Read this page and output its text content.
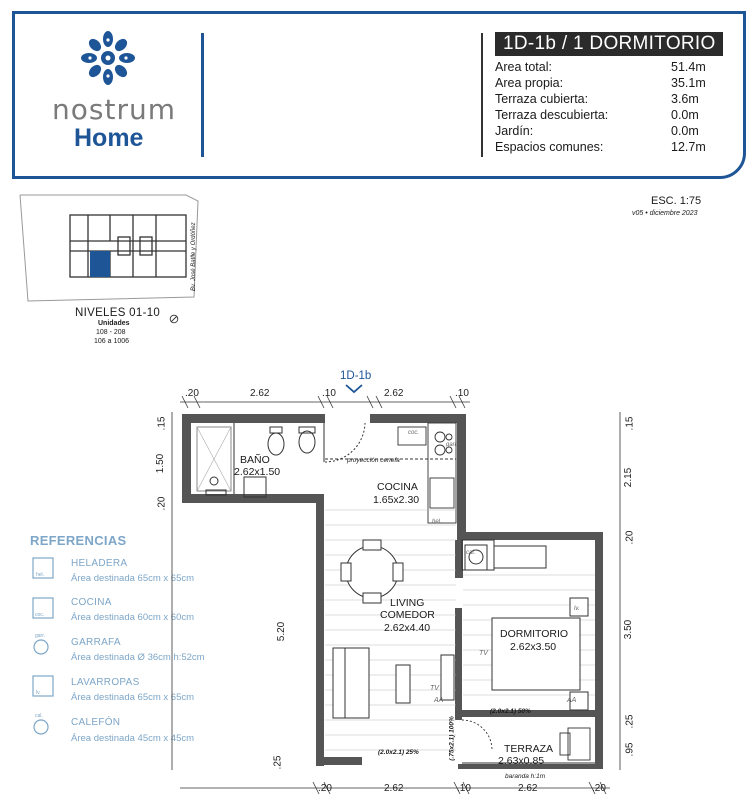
nostrum
Home
1D-1b / 1 DORMITORIO
Area total:	51.4m
Area propia:	35.1m
Terraza cubierta:	3.6m
Terraza descubierta:	0.0m
Jardín:	0.0m
Espacios comunes:	12.7m
ESC. 1:75
v05 • diciembre 2023
Bv. José Batlle y Ordóñez
NIVELES 01-10
Unidades
108 - 208
106 a 1006
REFERENCIAS
hel.
HELADERA
Área destinada 65cm x 65cm
coc.
COCINA
Área destinada 60cm x 60cm
garr.
GARRAFA
Área destinada Ø 36cm h:52cm
lv.
LAVARROPAS
Área destinada 65cm x 65cm
cal.
CALEFÓN
Área destinada 45cm x 45cm
1D-1b
.20	2.62	.10	2.62	.10
.20	2.62	.10	2.62	.20
.15
1.50
.20
5.20
.25
.15
2.15
.20
3.50
.25
.95
BAÑO
2.62x1.50
COCINA
1.65x2.30
LIVING
COMEDOR
2.62x4.40	DORMITORIO
2.62x3.50
TERRAZA
2.63x0.85
proyección cenefa
baranda h:1m
(2.0x2.1) 50%
(2.0x2.1) 25%	(.75x2.1) 100%
TV
TV
AA	AA
hel.
lv.
cal.
garr.
coc.
